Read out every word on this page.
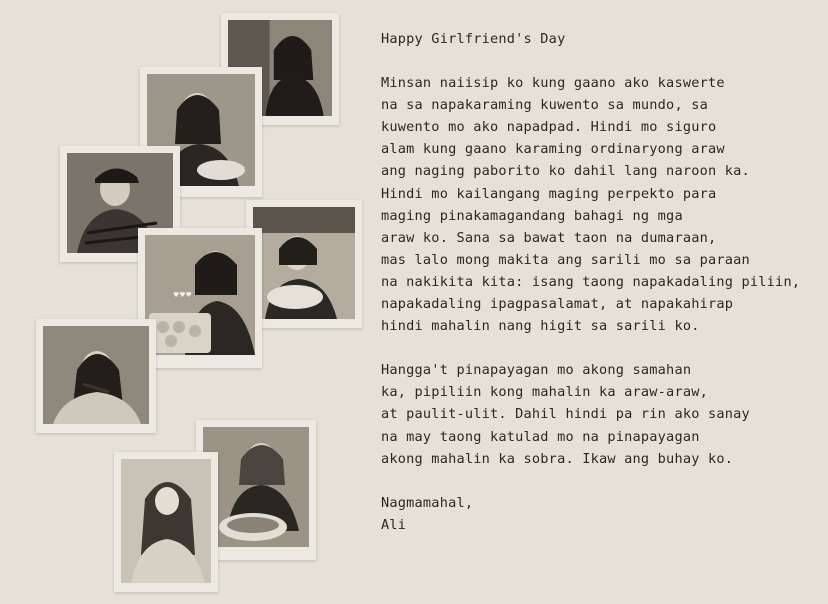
♥♥♥

Happy Girlfriend's Day

Minsan naiisip ko kung gaano ako kaswerte
na sa napakaraming kuwento sa mundo, sa
kuwento mo ako napadpad. Hindi mo siguro
alam kung gaano karaming ordinaryong araw
ang naging paborito ko dahil lang naroon ka.
Hindi mo kailangang maging perpekto para
maging pinakamagandang bahagi ng mga
araw ko. Sana sa bawat taon na dumaraan,
mas lalo mong makita ang sarili mo sa paraan
na nakikita kita: isang taong napakadaling piliin,
napakadaling ipagpasalamat, at napakahirap
hindi mahalin nang higit sa sarili ko.

Hangga't pinapayagan mo akong samahan
ka, pipiliin kong mahalin ka araw-araw,
at paulit-ulit. Dahil hindi pa rin ako sanay
na may taong katulad mo na pinapayagan
akong mahalin ka sobra. Ikaw ang buhay ko.

Nagmamahal,

Ali
